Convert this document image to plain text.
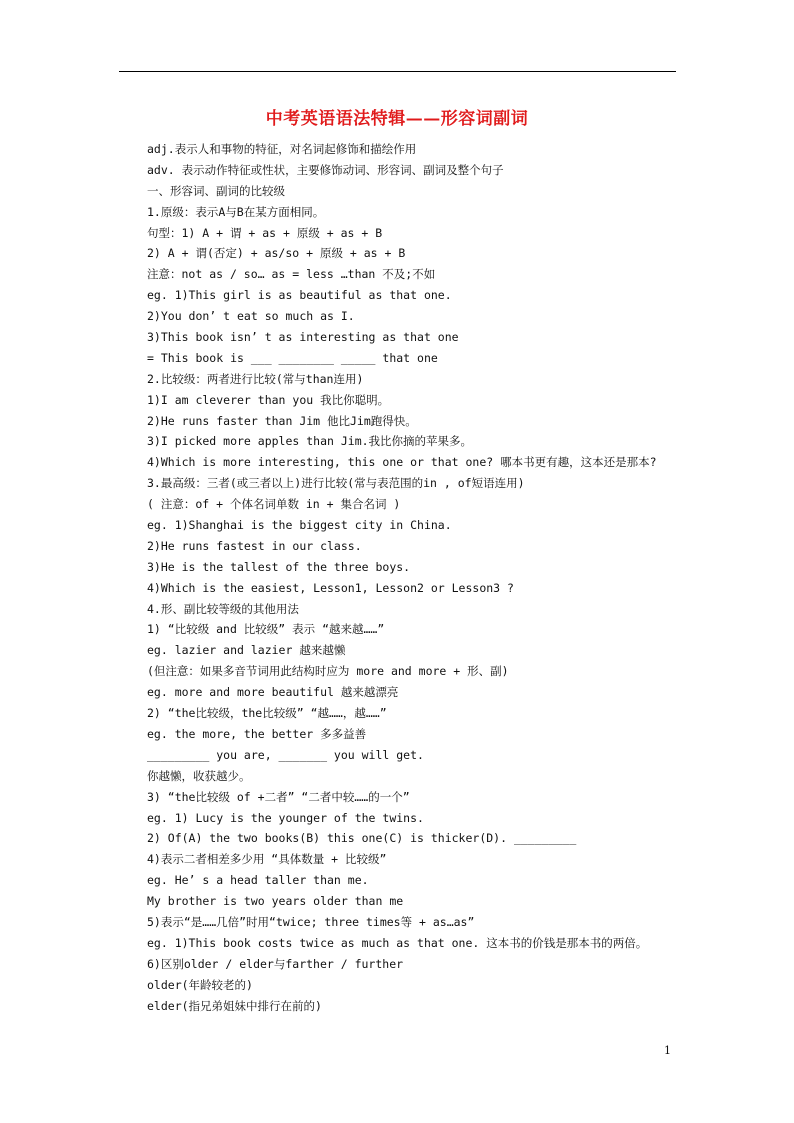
中考英语语法特辑——形容词副词
adj.表示人和事物的特征，对名词起修饰和描绘作用
adv. 表示动作特征或性状，主要修饰动词、形容词、副词及整个句子
一、形容词、副词的比较级
1.原级：表示A与B在某方面相同。
句型：1) A + 谓 + as + 原级 + as + B
2) A + 谓(否定) + as/so + 原级 + as + B
注意：not as / so… as = less …than 不及;不如
eg. 1)This girl is as beautiful as that one.
2)You don’ t eat so much as I.
3)This book isn’ t as interesting as that one
= This book is ___ ________ _____ that one
2.比较级：两者进行比较(常与than连用)
1)I am cleverer than you 我比你聪明。
2)He runs faster than Jim 他比Jim跑得快。
3)I picked more apples than Jim.我比你摘的苹果多。
4)Which is more interesting, this one or that one? 哪本书更有趣，这本还是那本?
3.最高级：三者(或三者以上)进行比较(常与表范围的in , of短语连用)
( 注意：of + 个体名词单数 in + 集合名词 )
eg. 1)Shanghai is the biggest city in China.
2)He runs fastest in our class.
3)He is the tallest of the three boys.
4)Which is the easiest, Lesson1, Lesson2 or Lesson3 ?
4.形、副比较等级的其他用法
1) “比较级 and 比较级” 表示 “越来越……”
eg. lazier and lazier 越来越懒
(但注意：如果多音节词用此结构时应为 more and more + 形、副)
eg. more and more beautiful 越来越漂亮
2) “the比较级，the比较级” “越……，越……”
eg. the more, the better 多多益善
_________ you are, _______ you will get.
你越懒，收获越少。
3) “the比较级 of +二者” “二者中较……的一个”
eg. 1) Lucy is the younger of the twins.
2) Of(A) the two books(B) this one(C) is thicker(D). _________
4)表示二者相差多少用 “具体数量 + 比较级”
eg. He’ s a head taller than me.
My brother is two years older than me
5)表示“是……几倍”时用“twice; three times等 + as…as”
eg. 1)This book costs twice as much as that one. 这本书的价钱是那本书的两倍。
6)区别older / elder与farther / further
older(年龄较老的)
elder(指兄弟姐妹中排行在前的)
1
